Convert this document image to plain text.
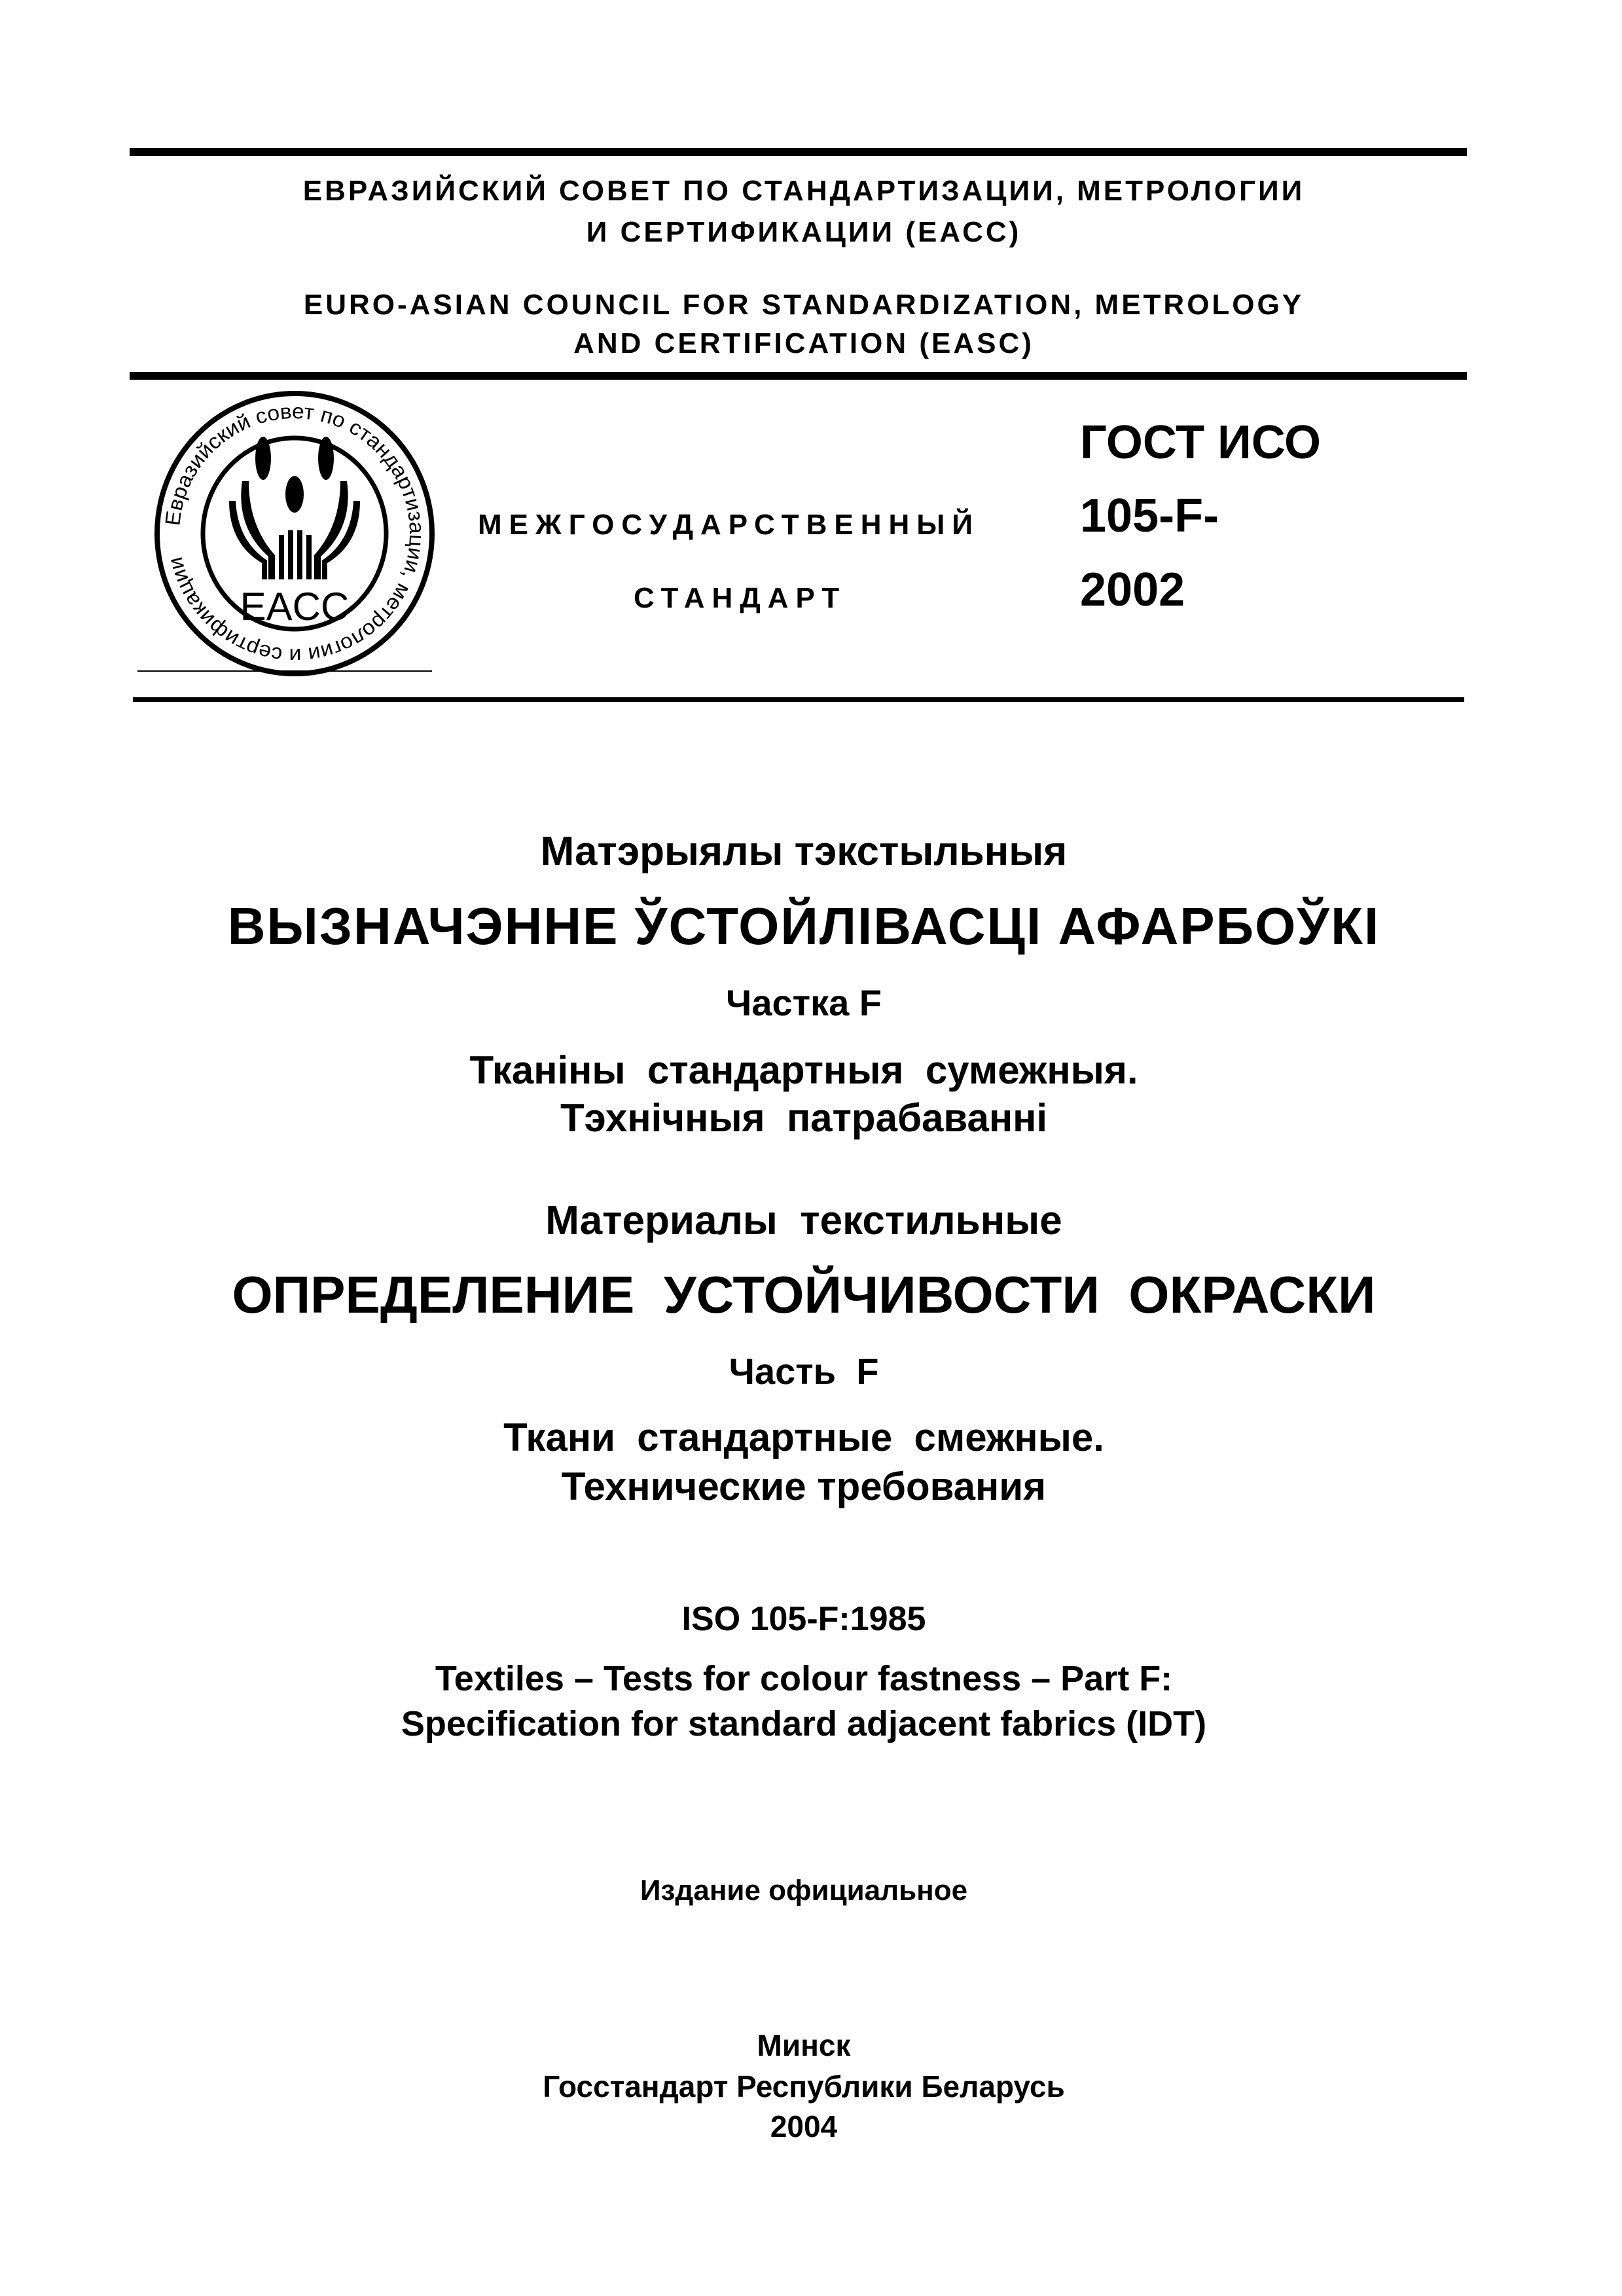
ЕВРАЗИЙСКИЙ СОВЕТ ПО СТАНДАРТИЗАЦИИ, МЕТРОЛОГИИ
И СЕРТИФИКАЦИИ (ЕАСС)
EURO-ASIAN COUNCIL FOR STANDARDIZATION, METROLOGY
AND CERTIFICATION (EASC)
Евразийский совет по стандартизации, метрологии и сертификации
EACC
МЕЖГОСУДАРСТВЕННЫЙ
СТАНДАРТ
ГОСТ ИСО
105-F-
2002
Матэрыялы тэкстыльныя
ВЫЗНАЧЭННЕ ЎСТОЙЛІВАСЦІ АФАРБОЎКІ
Частка F
Тканіны  стандартныя  сумежныя.
Тэхнічныя  патрабаванні
Материалы  текстильные
ОПРЕДЕЛЕНИЕ  УСТОЙЧИВОСТИ  ОКРАСКИ
Часть  F
Ткани  стандартные  смежные.
Технические требования
ISO 105-F:1985
Textiles – Tests for colour fastness – Part F:
Specification for standard adjacent fabrics (IDT)
Издание официальное
Минск
Госстандарт Республики Беларусь
2004
